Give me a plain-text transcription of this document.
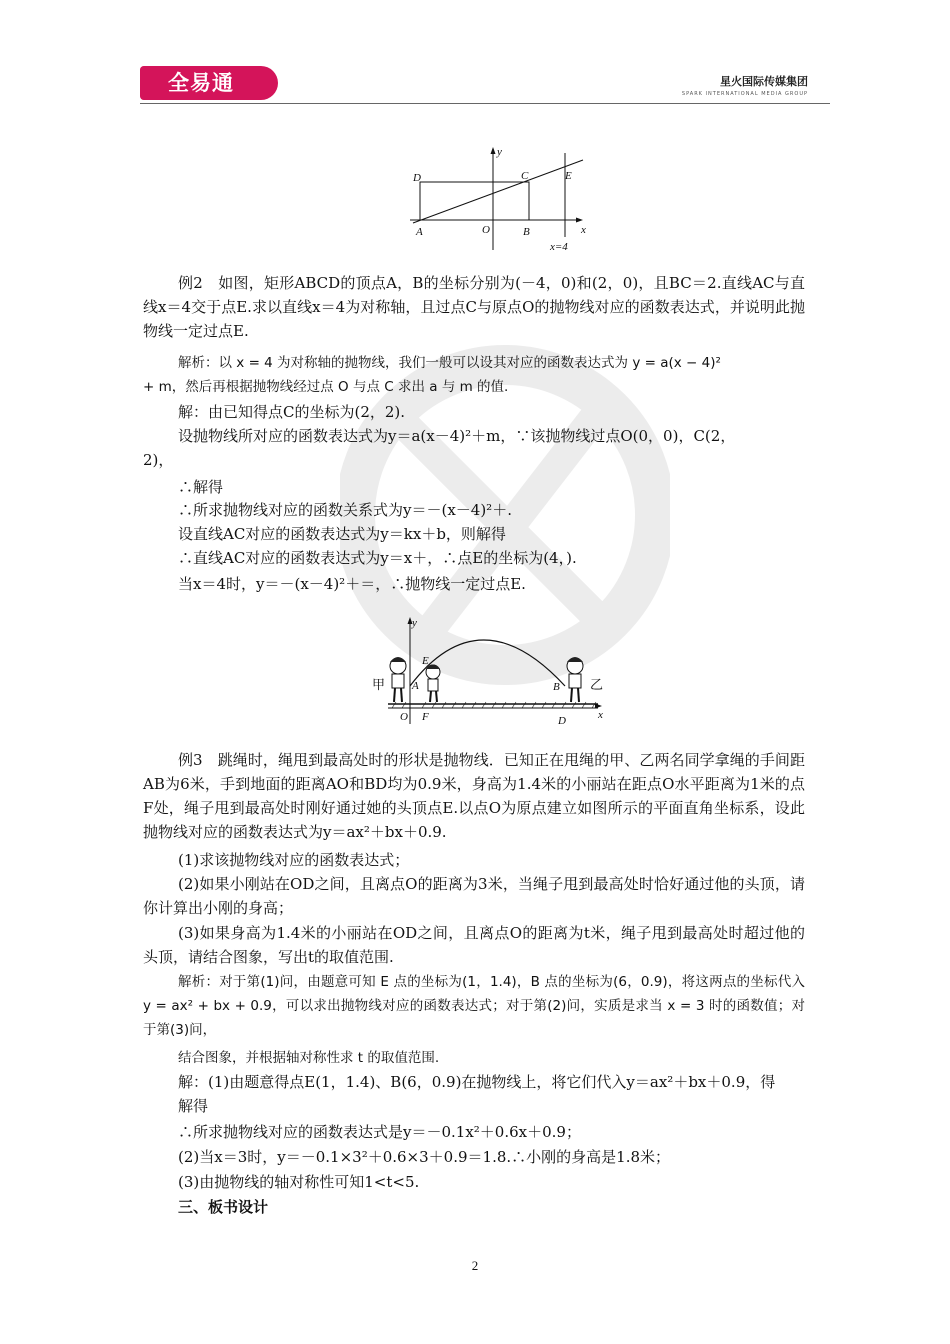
全易通	星火国际传媒集团
SPARK INTERNATIONAL MEDIA GROUP
y
x
D	C	E
A	O	B
x=4
例2　如图，矩形ABCD的顶点A，B的坐标分别为(－4，0)和(2，0)，且BC＝2.直线AC与直线x＝4交于点E.求以直线x＝4为对称轴，且过点C与原点O的抛物线对应的函数表达式，并说明此抛物线一定过点E.
解析：以 x = 4 为对称轴的抛物线，我们一般可以设其对应的函数表达式为 y = a(x − 4)²
+ m，然后再根据抛物线经过点 O 与点 C 求出 a 与 m 的值.
解：由已知得点C的坐标为(2，2).
设抛物线所对应的函数表达式为y＝a(x－4)²＋m，∵该抛物线过点O(0，0)，C(2，
2)，
∴解得
∴所求抛物线对应的函数关系式为y＝－(x－4)²＋.
设直线AC对应的函数表达式为y＝kx＋b，则解得
∴直线AC对应的函数表达式为y＝x＋，∴点E的坐标为(4，).
当x＝4时，y＝－(x－4)²＋＝，∴抛物线一定过点E.
y
x
甲	乙
A
E
B
O F	D
例3　跳绳时，绳甩到最高处时的形状是抛物线．已知正在甩绳的甲、乙两名同学拿绳的手间距AB为6米，手到地面的距离AO和BD均为0.9米，身高为1.4米的小丽站在距点O水平距离为1米的点F处，绳子甩到最高处时刚好通过她的头顶点E.以点O为原点建立如图所示的平面直角坐标系，设此抛物线对应的函数表达式为y＝ax²＋bx＋0.9.
(1)求该抛物线对应的函数表达式；
(2)如果小刚站在OD之间，且离点O的距离为3米，当绳子甩到最高处时恰好通过他的头顶，请你计算出小刚的身高；
(3)如果身高为1.4米的小丽站在OD之间，且离点O的距离为t米，绳子甩到最高处时超过他的头顶，请结合图象，写出t的取值范围.
解析：对于第(1)问，由题意可知 E 点的坐标为(1，1.4)，B 点的坐标为(6，0.9)，将这两点的坐标代入 y = ax² + bx + 0.9，可以求出抛物线对应的函数表达式；对于第(2)问，实质是求当 x = 3 时的函数值；对于第(3)问，
结合图象，并根据轴对称性求 t 的取值范围.
解：(1)由题意得点E(1，1.4)、B(6，0.9)在抛物线上，将它们代入y＝ax²＋bx＋0.9，得
解得
∴所求抛物线对应的函数表达式是y＝－0.1x²＋0.6x＋0.9；
(2)当x＝3时，y＝－0.1×3²＋0.6×3＋0.9＝1.8.∴小刚的身高是1.8米；
(3)由抛物线的轴对称性可知1<t<5.
三、板书设计
2
